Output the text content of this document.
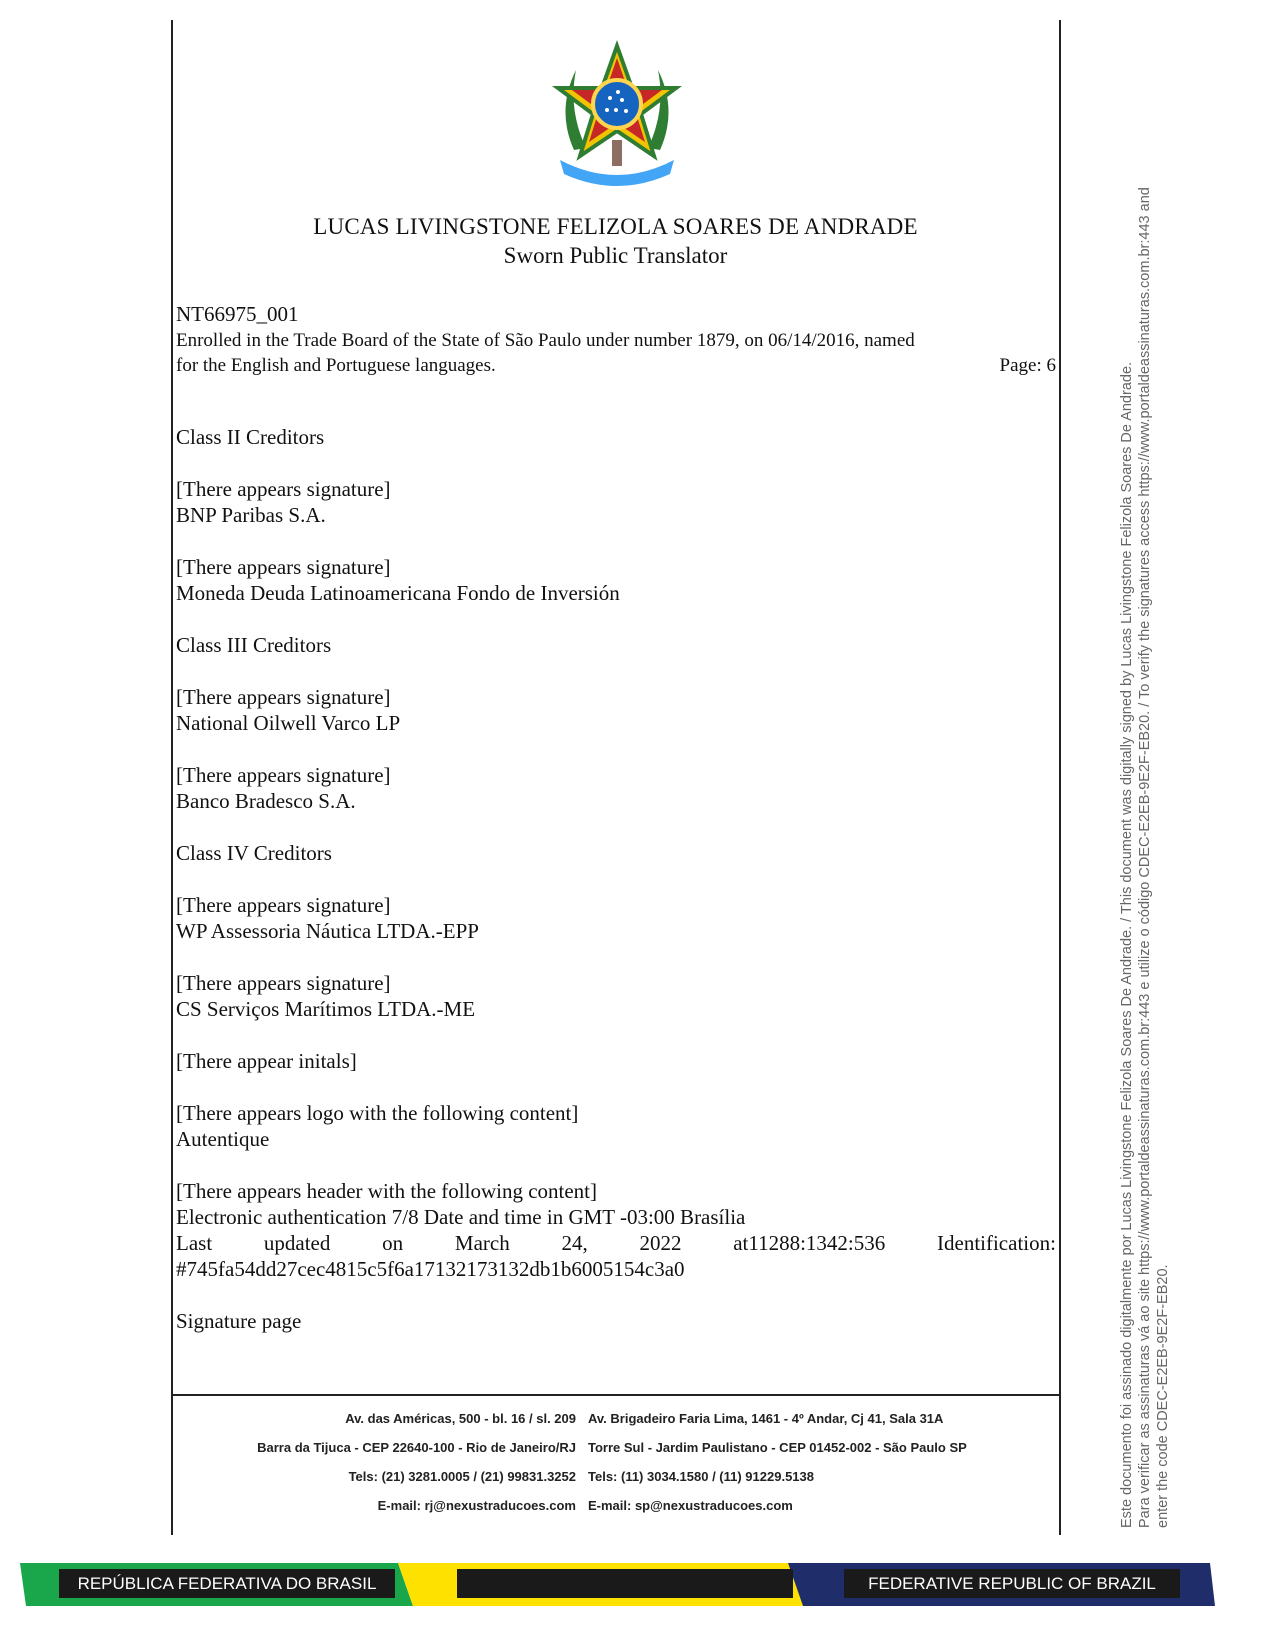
LUCAS LIVINGSTONE FELIZOLA SOARES DE ANDRADE
Sworn Public Translator
NT66975_001
Enrolled in the Trade Board of the State of São Paulo under number 1879, on 06/14/2016, named
for the English and Portuguese languages.	Page: 6
Class II Creditors
[There appears signature]
BNP Paribas S.A.
[There appears signature]
Moneda Deuda Latinoamericana Fondo de Inversión
Class III Creditors
[There appears signature]
National Oilwell Varco LP
[There appears signature]
Banco Bradesco S.A.
Class IV Creditors
[There appears signature]
WP Assessoria Náutica LTDA.-EPP
[There appears signature]
CS Serviços Marítimos LTDA.-ME
[There appear initals]
[There appears logo with the following content]
Autentique
[There appears header with the following content]
Electronic authentication 7/8 Date and time in GMT -03:00 Brasília
Last updated on March 24, 2022 at11288:1342:536 Identification:
#745fa54dd27cec4815c5f6a17132173132db1b6005154c3a0
Signature page
Av. das Américas, 500 - bl. 16 / sl. 209 Av. Brigadeiro Faria Lima, 1461 - 4º Andar, Cj 41, Sala 31A
Barra da Tijuca - CEP 22640-100 - Rio de Janeiro/RJ Torre Sul - Jardim Paulistano - CEP 01452-002 - São Paulo SP
Tels: (21) 3281.0005 / (21) 99831.3252 Tels: (11) 3034.1580 / (11) 91229.5138
E-mail: rj@nexustraducoes.com E-mail: sp@nexustraducoes.com	Este documento foi assinado digitalmente por Lucas Livingstone Felizola Soares De Andrade. / This document was digitally signed by Lucas Livingstone Felizola Soares De Andrade. Para verificar as assinaturas vá ao site https://www.portaldeassinaturas.com.br:443 e utilize o código CDEC-E2EB-9E2F-EB20. / To verify the signatures access https://www.portaldeassinaturas.com.br:443 and enter the code CDEC-E2EB-9E2F-EB20.
REPÚBLICA FEDERATIVA DO BRASIL	FEDERATIVE REPUBLIC OF BRAZIL
